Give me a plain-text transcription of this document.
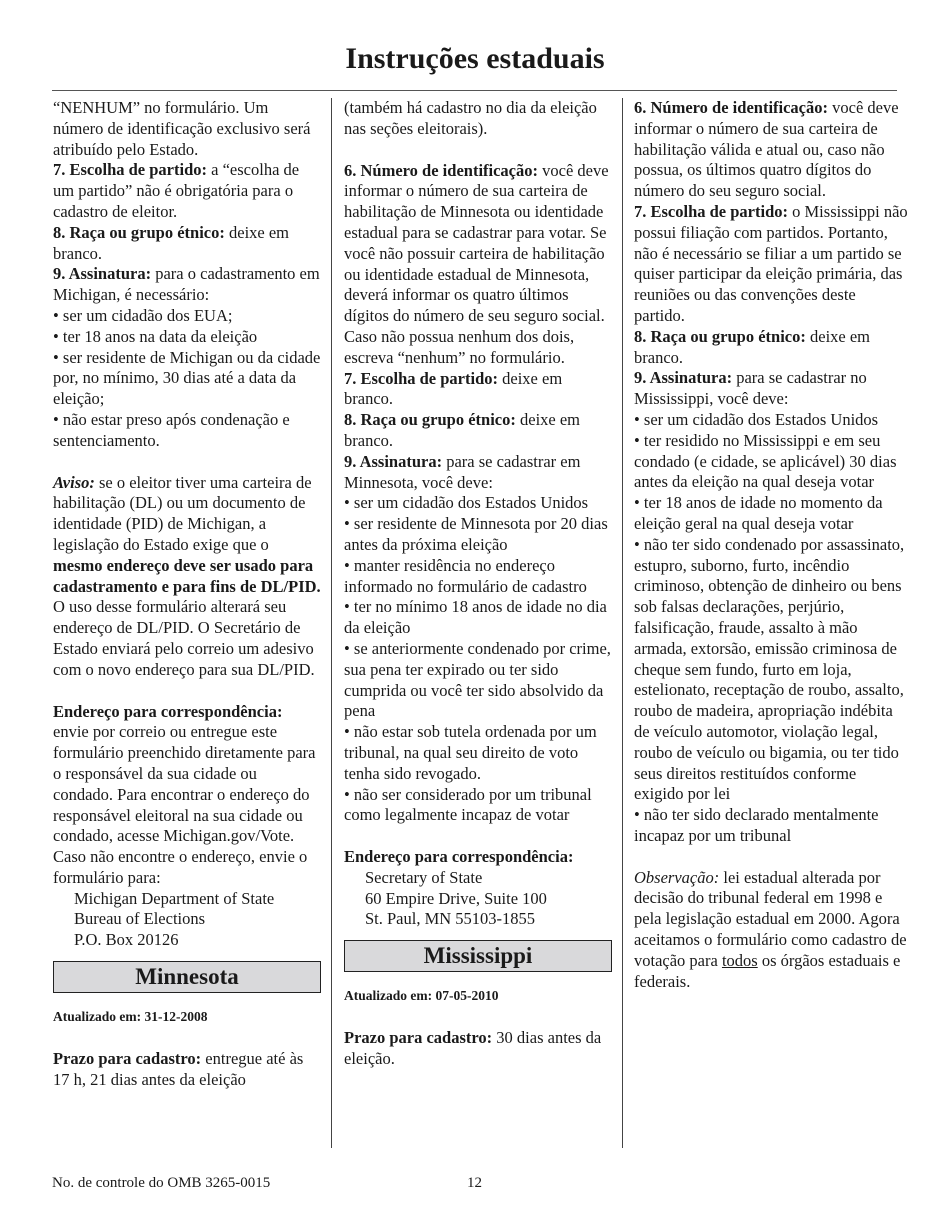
Instruções estaduais

“NENHUM” no formulário. Um número de identificação exclusivo será atribuído pelo Estado.

7. Escolha de partido: a “escolha de um partido” não é obrigatória para o cadastro de eleitor.

8. Raça ou grupo étnico: deixe em branco.

9. Assinatura: para o cadastramento em Michigan, é necessário:

• ser um cidadão dos EUA;

• ter 18 anos na data da eleição

• ser residente de Michigan ou da cidade por, no mínimo, 30 dias até a data da eleição;

• não estar preso após condenação e sentenciamento.

Aviso: se o eleitor tiver uma carteira de habilitação (DL) ou um documento de identidade (PID) de Michigan, a legislação do Estado exige que o mesmo endereço deve ser usado para cadastramento e para fins de DL/PID. O uso desse formulário alterará seu endereço de DL/PID. O Secretário de Estado enviará pelo correio um adesivo com o novo endereço para sua DL/PID.

Endereço para correspondência: envie por correio ou entregue este formulário preenchido diretamente para o responsável da sua cidade ou condado. Para encontrar o endereço do responsável eleitoral na sua cidade ou condado, acesse Michigan.gov/Vote. Caso não encontre o endereço, envie o formulário para:

Michigan Department of State

Bureau of Elections

P.O. Box 20126

Minnesota

Atualizado em: 31-12-2008

Prazo para cadastro: entregue até às 17 h, 21 dias antes da eleição

(também há cadastro no dia da eleição nas seções eleitorais).

6. Número de identificação: você deve informar o número de sua carteira de habilitação de Minnesota ou identidade estadual para se cadastrar para votar. Se você não possuir carteira de habilitação ou identidade estadual de Minnesota, deverá informar os quatro últimos dígitos do número de seu seguro social. Caso não possua nenhum dos dois, escreva “nenhum” no formulário.

7. Escolha de partido: deixe em branco.

8. Raça ou grupo étnico: deixe em branco.

9. Assinatura: para se cadastrar em Minnesota, você deve:

• ser um cidadão dos Estados Unidos

• ser residente de Minnesota por 20 dias antes da próxima eleição

• manter residência no endereço informado no formulário de cadastro

• ter no mínimo 18 anos de idade no dia da eleição

• se anteriormente condenado por crime, sua pena ter expirado ou ter sido cumprida ou você ter sido absolvido da pena

• não estar sob tutela ordenada por um tribunal, na qual seu direito de voto tenha sido revogado.

• não ser considerado por um tribunal como legalmente incapaz de votar

Endereço para correspondência:

Secretary of State

60 Empire Drive, Suite 100

St. Paul, MN 55103-1855

Mississippi

Atualizado em: 07-05-2010

Prazo para cadastro: 30 dias antes da eleição.

6. Número de identificação: você deve informar o número de sua carteira de habilitação válida e atual ou, caso não possua, os últimos quatro dígitos do número do seu seguro social.

7. Escolha de partido: o Mississippi não possui filiação com partidos. Portanto, não é necessário se filiar a um partido se quiser participar da eleição primária, das reuniões ou das convenções deste partido.

8. Raça ou grupo étnico: deixe em branco.

9. Assinatura: para se cadastrar no Mississippi, você deve:

• ser um cidadão dos Estados Unidos

• ter residido no Mississippi e em seu condado (e cidade, se aplicável) 30 dias antes da eleição na qual deseja votar

• ter 18 anos de idade no momento da eleição geral na qual deseja votar

• não ter sido condenado por assassinato, estupro, suborno, furto, incêndio criminoso, obtenção de dinheiro ou bens sob falsas declarações, perjúrio, falsificação, fraude, assalto à mão armada, extorsão, emissão criminosa de cheque sem fundo, furto em loja, estelionato, receptação de roubo, assalto, roubo de madeira, apropriação indébita de veículo automotor, violação legal, roubo de veículo ou bigamia, ou ter tido seus direitos restituídos conforme exigido por lei

• não ter sido declarado mentalmente incapaz por um tribunal

Observação: lei estadual alterada por decisão do tribunal federal em 1998 e pela legislação estadual em 2000. Agora aceitamos o formulário como cadastro de votação para todos os órgãos estaduais e federais.

No. de controle do OMB 3265-0015	12
